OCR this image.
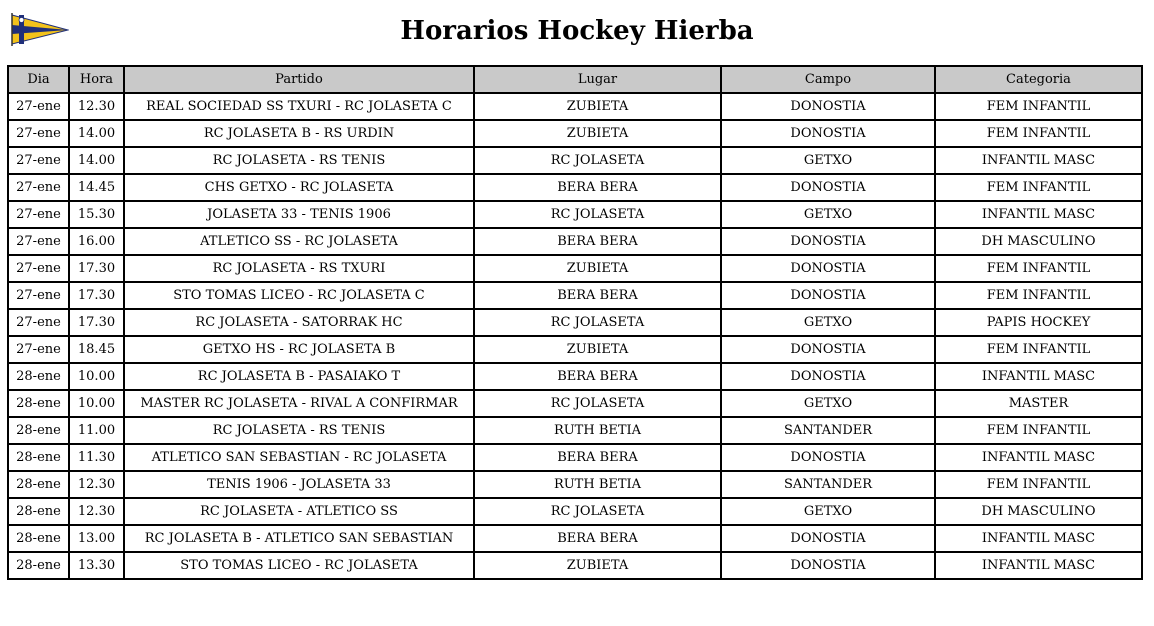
Horarios Hockey Hierba
Dia	Hora	Partido	Lugar	Campo	Categoria
27-ene	12.30	REAL SOCIEDAD SS TXURI - RC JOLASETA C	ZUBIETA	DONOSTIA	FEM INFANTIL
27-ene	14.00	RC JOLASETA B - RS URDIN	ZUBIETA	DONOSTIA	FEM INFANTIL
27-ene	14.00	RC JOLASETA - RS TENIS	RC JOLASETA	GETXO	INFANTIL MASC
27-ene	14.45	CHS GETXO - RC JOLASETA	BERA BERA	DONOSTIA	FEM INFANTIL
27-ene	15.30	JOLASETA 33 - TENIS 1906	RC JOLASETA	GETXO	INFANTIL MASC
27-ene	16.00	ATLETICO SS - RC JOLASETA	BERA BERA	DONOSTIA	DH MASCULINO
27-ene	17.30	RC JOLASETA - RS TXURI	ZUBIETA	DONOSTIA	FEM INFANTIL
27-ene	17.30	STO TOMAS LICEO - RC JOLASETA C	BERA BERA	DONOSTIA	FEM INFANTIL
27-ene	17.30	RC JOLASETA - SATORRAK HC	RC JOLASETA	GETXO	PAPIS HOCKEY
27-ene	18.45	GETXO HS - RC JOLASETA B	ZUBIETA	DONOSTIA	FEM INFANTIL
28-ene	10.00	RC JOLASETA B - PASAIAKO T	BERA BERA	DONOSTIA	INFANTIL MASC
28-ene	10.00	MASTER RC JOLASETA - RIVAL A CONFIRMAR	RC JOLASETA	GETXO	MASTER
28-ene	11.00	RC JOLASETA - RS TENIS	RUTH BETIA	SANTANDER	FEM INFANTIL
28-ene	11.30	ATLETICO SAN SEBASTIAN - RC JOLASETA	BERA BERA	DONOSTIA	INFANTIL MASC
28-ene	12.30	TENIS 1906 - JOLASETA 33	RUTH BETIA	SANTANDER	FEM INFANTIL
28-ene	12.30	RC JOLASETA - ATLETICO SS	RC JOLASETA	GETXO	DH MASCULINO
28-ene	13.00	RC JOLASETA B - ATLETICO SAN SEBASTIAN	BERA BERA	DONOSTIA	INFANTIL MASC
28-ene	13.30	STO TOMAS LICEO - RC JOLASETA	ZUBIETA	DONOSTIA	INFANTIL MASC
